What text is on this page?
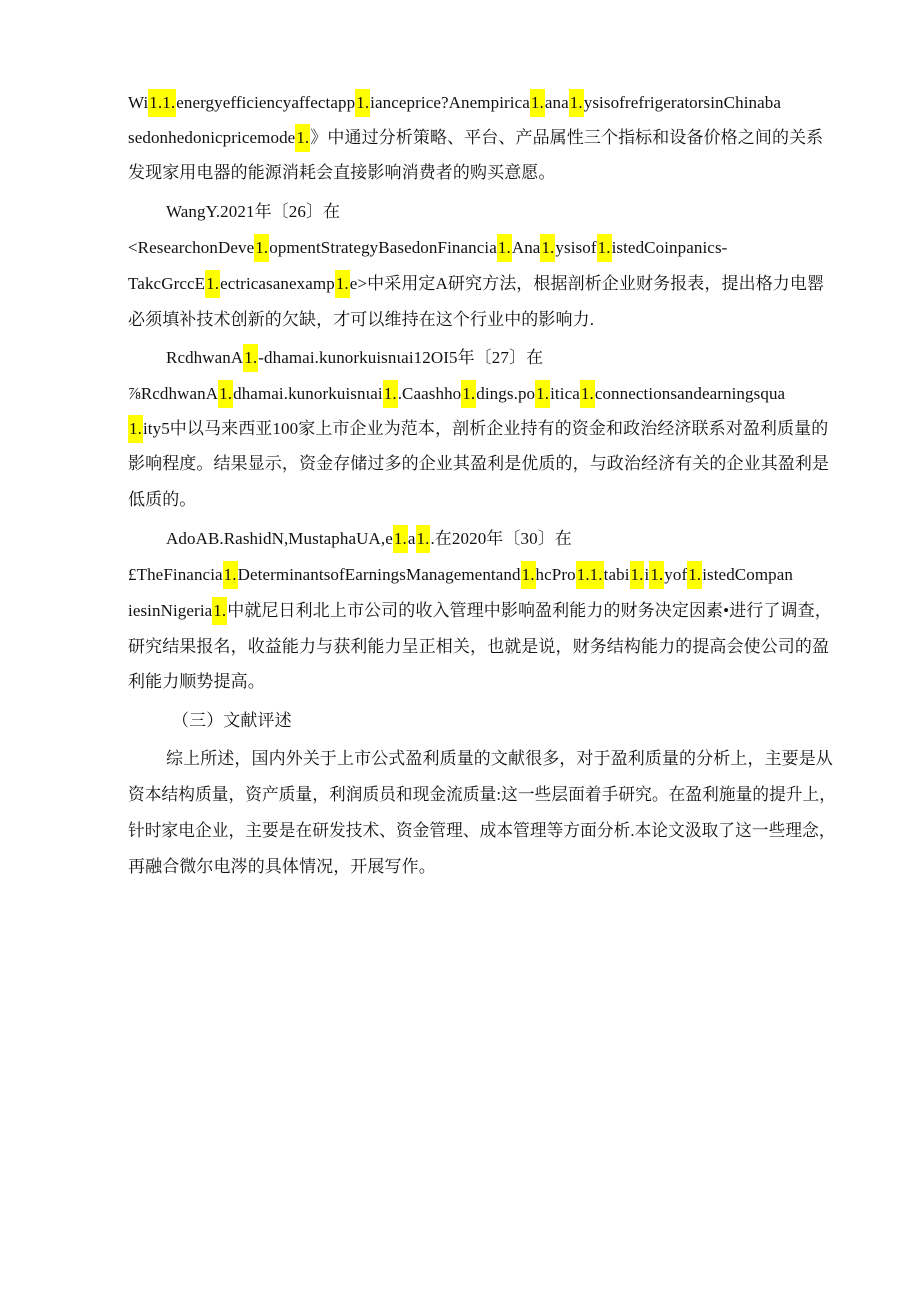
Wi1.1.energyefficiencyaffectapp1.iancepric​e?Anempirica1.ana1.ysisofrefrigeratorsinChinaba
sedonhedonicpricemode1.》中通过分析策略、平台、产品属性三个指标和设备价格之间的关系
发现家用电器的能源消耗会直接影响消费者的购买意愿。
WangY.2021年〔26〕在
<ResearchonDeve1.opmentStrategyBasedonFinancia1.Ana1.ysisof1.istedCoinpanics-
TakcGrccE1.ectricasanexamp1.e>中采用定A研究方法，根据剖析企业财务报表，提出格力电罂
必须填补技术创新的欠缺，才可以维持在这个行业中的影响力.
RcdhwanA1.-dhamai.kunorkuisnιai12OI5年〔27〕在
⅞RcdhwanA1.dhamai.kunorkuisnιai1..Caashho1.dings.po1.itica1.connectionsandearningsqua
1.ity5中以马来西亚100家上市企业为范本，剖析企业持有的资金和政治经济联系对盈利质量的
影响程度。结果显示，资金存储过多的企业其盈利是优质的，与政治经济有关的企业其盈利是
低质的。
AdoAB.RashidN,MustaphaUA,e1.a1..在2020年〔30〕在
£TheFinancia1.DeterminantsofEarningsManagementand1.hcPro1.1.tabi1.i1.yof1.istedCompan
iesinNigeria1.中就尼日利北上市公司的收入管理中影响盈利能力的财务决定因素•进行了调查，
研究结果报名，收益能力与获利能力呈正相关，也就是说，财务结构能力的提高会使公司的盈
利能力顺势提高。
（三）文献评述
综上所述，国内外关于上市公式盈利质量的文献很多，对于盈利质量的分析上，主要是从
资本结构质量，资产质量，利润质员和现金流质量:这一些层面着手研究。在盈利施量的提升上，
针时家电企业，主要是在研发技术、资金管理、成本管理等方面分析.本论文汲取了这一些理念，
再融合微尔电涔的具体情况，开展写作。
